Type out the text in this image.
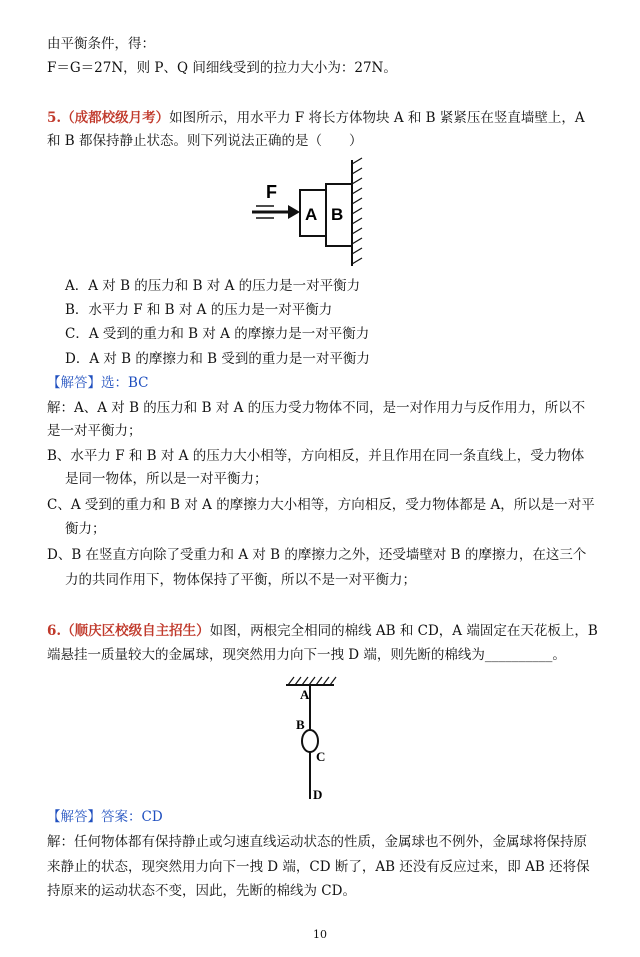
由平衡条件，得：
F＝G＝27N，则 P、Q 间细线受到的拉力大小为：27N。
5.（成都校级月考）如图所示，用水平力 F 将长方体物块 A 和 B 紧紧压在竖直墙壁上，A
和 B 都保持静止状态。则下列说法正确的是（　　）
F
A B
A．A 对 B 的压力和 B 对 A 的压力是一对平衡力
B．水平力 F 和 B 对 A 的压力是一对平衡力
C．A 受到的重力和 B 对 A 的摩擦力是一对平衡力
D．A 对 B 的摩擦力和 B 受到的重力是一对平衡力
【解答】选：BC
解：A、A 对 B 的压力和 B 对 A 的压力受力物体不同，是一对作用力与反作用力，所以不
是一对平衡力；
B、水平力 F 和 B 对 A 的压力大小相等，方向相反，并且作用在同一条直线上，受力物体
是同一物体，所以是一对平衡力；
C、A 受到的重力和 B 对 A 的摩擦力大小相等，方向相反，受力物体都是 A，所以是一对平
衡力；
D、B 在竖直方向除了受重力和 A 对 B 的摩擦力之外，还受墙壁对 B 的摩擦力，在这三个
力的共同作用下，物体保持了平衡，所以不是一对平衡力；
6.（顺庆区校级自主招生）如图，两根完全相同的棉线 AB 和 CD，A 端固定在天花板上，B
端悬挂一质量较大的金属球，现突然用力向下一拽 D 端，则先断的棉线为__________。
A
B
C
D
【解答】答案：CD
解：任何物体都有保持静止或匀速直线运动状态的性质，金属球也不例外，金属球将保持原
来静止的状态，现突然用力向下一拽 D 端，CD 断了，AB 还没有反应过来，即 AB 还将保
持原来的运动状态不变，因此，先断的棉线为 CD。
10
